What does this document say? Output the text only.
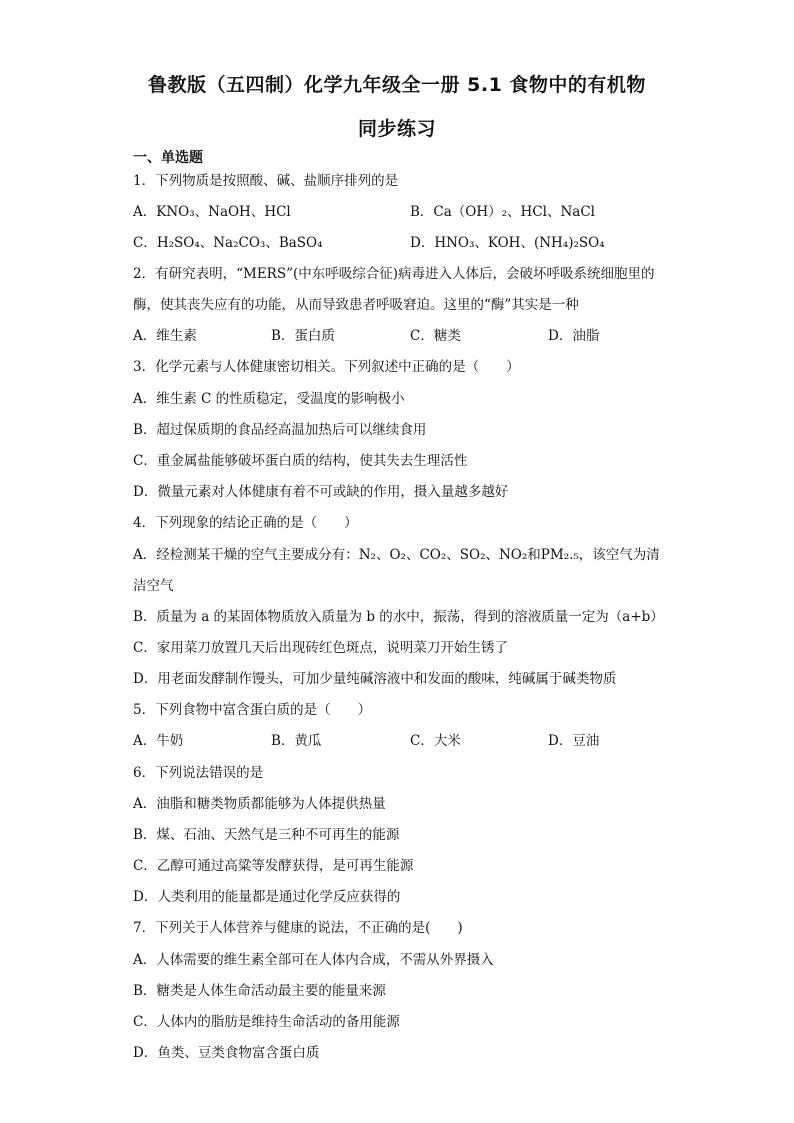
鲁教版（五四制）化学九年级全一册 5.1 食物中的有机物
同步练习
一、单选题
1．下列物质是按照酸、碱、盐顺序排列的是
A．KNO₃、NaOH、HCl	B．Ca（OH）₂、HCl、NaCl
C．H₂SO₄、Na₂CO₃、BaSO₄	D．HNO₃、KOH、(NH₄)₂SO₄
2．有研究表明，“MERS”(中东呼吸综合征)病毒进入人体后，会破坏呼吸系统细胞里的
酶，使其丧失应有的功能，从而导致患者呼吸窘迫。这里的“酶”其实是一种
A．维生素	B．蛋白质	C．糖类	D．油脂
3．化学元素与人体健康密切相关。下列叙述中正确的是（　　）
A．维生素 C 的性质稳定，受温度的影响极小
B．超过保质期的食品经高温加热后可以继续食用
C．重金属盐能够破坏蛋白质的结构，使其失去生理活性
D．微量元素对人体健康有着不可或缺的作用，摄入量越多越好
4．下列现象的结论正确的是（　　）
A．经检测某干燥的空气主要成分有：N₂、O₂、CO₂、SO₂、NO₂和PM₂.₅，该空气为清
洁空气
B．质量为 a 的某固体物质放入质量为 b 的水中，振荡，得到的溶液质量一定为（a+b）
C．家用菜刀放置几天后出现砖红色斑点，说明菜刀开始生锈了
D．用老面发酵制作馒头，可加少量纯碱溶液中和发面的酸味，纯碱属于碱类物质
5．下列食物中富含蛋白质的是（　　）
A．牛奶	B．黄瓜	C．大米	D．豆油
6．下列说法错误的是
A．油脂和糖类物质都能够为人体提供热量
B．煤、石油、天然气是三种不可再生的能源
C．乙醇可通过高粱等发酵获得，是可再生能源
D．人类利用的能量都是通过化学反应获得的
7．下列关于人体营养与健康的说法，不正确的是(　　)
A．人体需要的维生素全部可在人体内合成，不需从外界摄入
B．糖类是人体生命活动最主要的能量来源
C．人体内的脂肪是维持生命活动的备用能源
D．鱼类、豆类食物富含蛋白质
